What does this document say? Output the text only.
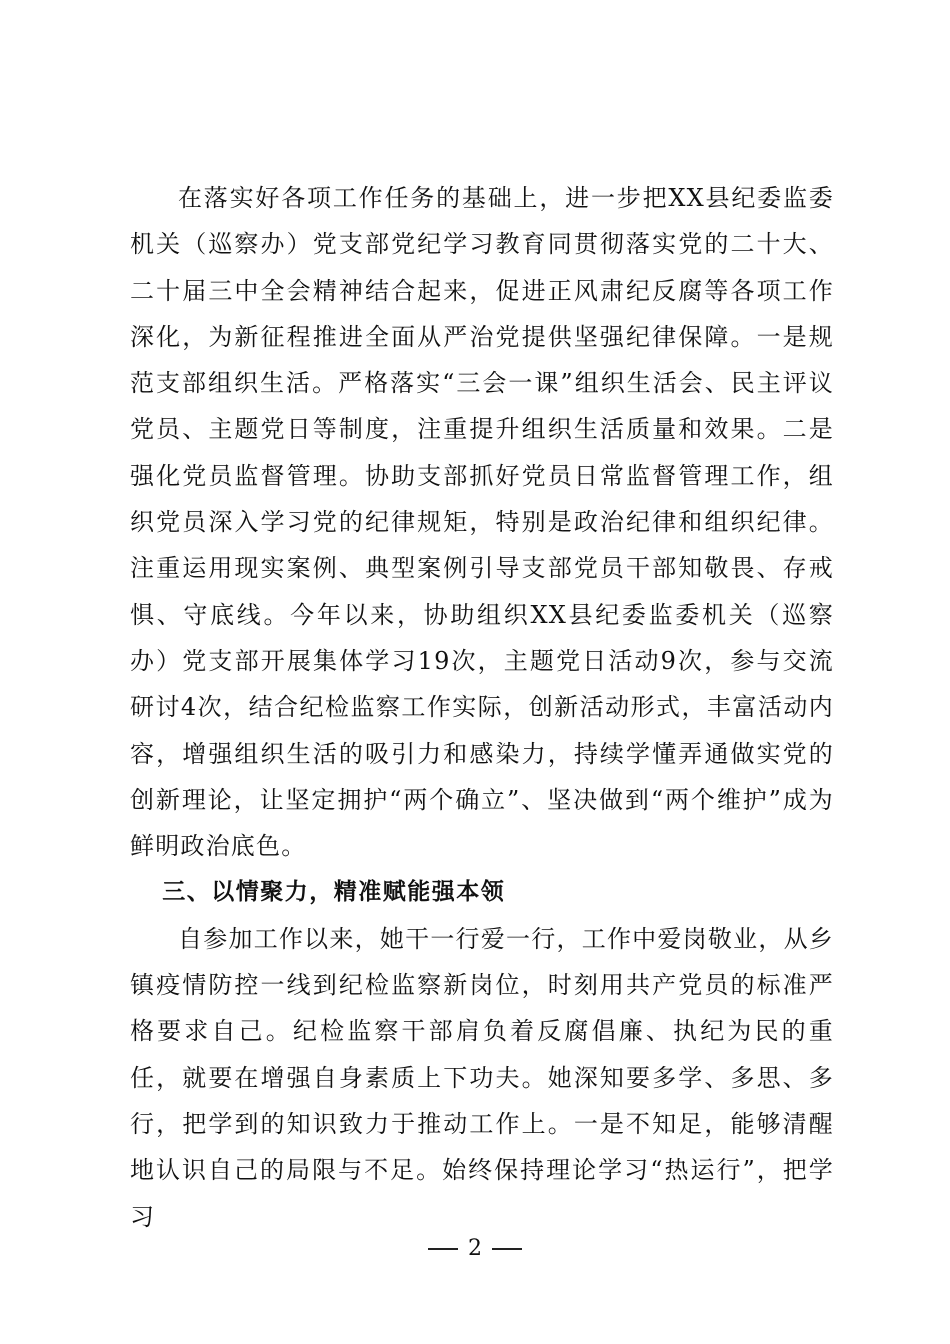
在落实好各项工作任务的基础上，进一步把XX县纪委监委机关（巡察办）党支部党纪学习教育同贯彻落实党的二十大、二十届三中全会精神结合起来，促进正风肃纪反腐等各项工作深化，为新征程推进全面从严治党提供坚强纪律保障。一是规范支部组织生活。严格落实“三会一课”组织生活会、民主评议党员、主题党日等制度，注重提升组织生活质量和效果。二是强化党员监督管理。协助支部抓好党员日常监督管理工作，组织党员深入学习党的纪律规矩，特别是政治纪律和组织纪律。注重运用现实案例、典型案例引导支部党员干部知敬畏、存戒惧、守底线。今年以来，协助组织XX县纪委监委机关（巡察办）党支部开展集体学习19次，主题党日活动9次，参与交流研讨4次，结合纪检监察工作实际，创新活动形式，丰富活动内容，增强组织生活的吸引力和感染力，持续学懂弄通做实党的创新理论，让坚定拥护“两个确立”、坚决做到“两个维护”成为鲜明政治底色。

三、以情聚力，精准赋能强本领

自参加工作以来，她干一行爱一行，工作中爱岗敬业，从乡镇疫情防控一线到纪检监察新岗位，时刻用共产党员的标准严格要求自己。纪检监察干部肩负着反腐倡廉、执纪为民的重任，就要在增强自身素质上下功夫。她深知要多学、多思、多行，把学到的知识致力于推动工作上。一是不知足，能够清醒地认识自己的局限与不足。始终保持理论学习“热运行”，把学习

2
